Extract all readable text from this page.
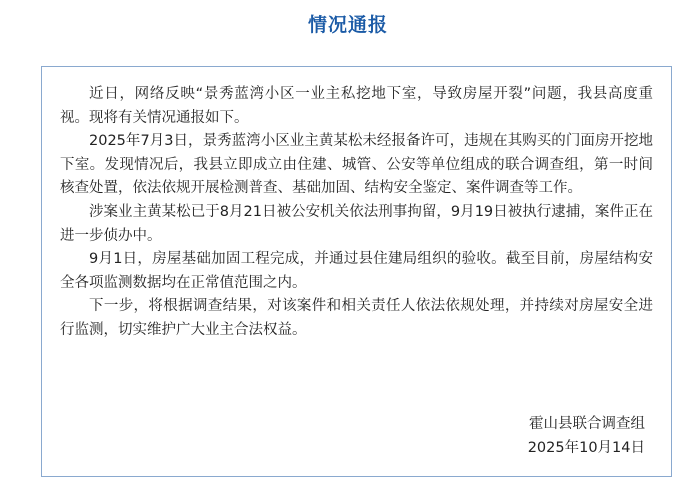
情况通报

近日，网络反映“景秀蓝湾小区一业主私挖地下室，导致房屋开裂”问题，我县高度重视。现将有关情况通报如下。

2025年7月3日，景秀蓝湾小区业主黄某松未经报备许可，违规在其购买的门面房开挖地下室。发现情况后，我县立即成立由住建、城管、公安等单位组成的联合调查组，第一时间核查处置，依法依规开展检测普查、基础加固、结构安全鉴定、案件调查等工作。

涉案业主黄某松已于8月21日被公安机关依法刑事拘留，9月19日被执行逮捕，案件正在进一步侦办中。

9月1日，房屋基础加固工程完成，并通过县住建局组织的验收。截至目前，房屋结构安全各项监测数据均在正常值范围之内。

下一步，将根据调查结果，对该案件和相关责任人依法依规处理，并持续对房屋安全进行监测，切实维护广大业主合法权益。

霍山县联合调查组
2025年10月14日
